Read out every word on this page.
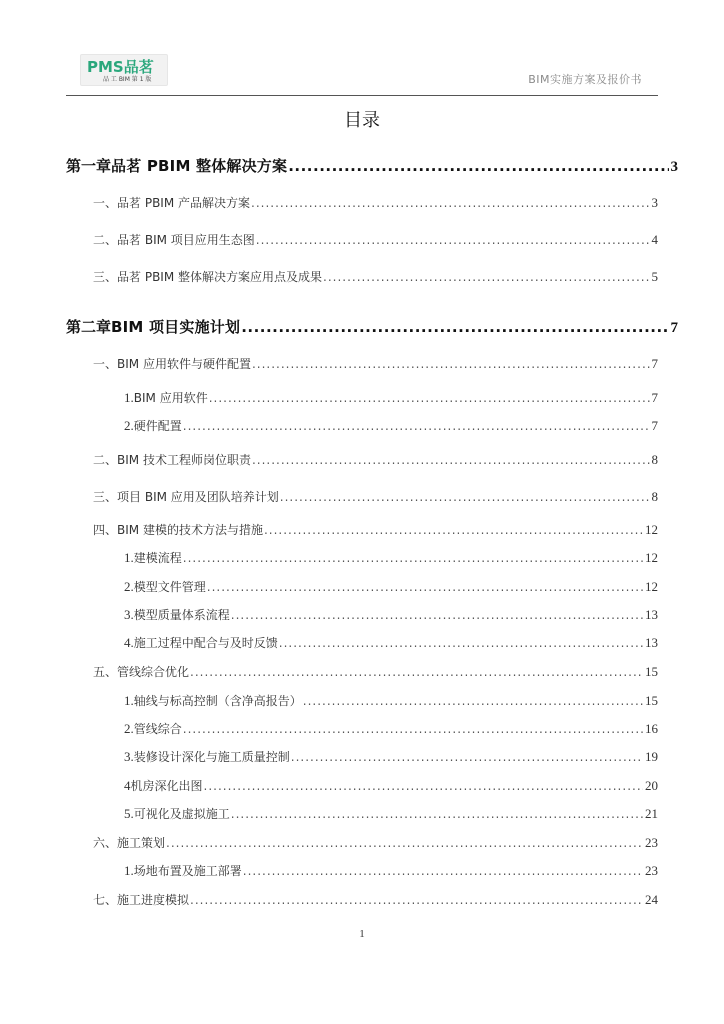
PMS品茗
品 工 BIM 第 1 版	BIM实施方案及报价书
目录
第一章 品茗 PBIM 整体解决方案 .....	3
一、 品茗 PBIM 产品解决方案 .....	3
二、 品茗 BIM 项目应用生态图 .....	4
三、 品茗 PBIM 整体解决方案应用点及成果 .....	5
第二章 BIM 项目实施计划 .....	7
一、 BIM 应用软件与硬件配置 .....	7
1. BIM 应用软件 .....	7
2. 硬件配置 .....	7
二、 BIM 技术工程师岗位职责 .....	8
三、 项目 BIM 应用及团队培养计划 .....	8
四、 BIM 建模的技术方法与措施 .....	12
1. 建模流程 .....	12
2. 模型文件管理 .....	12
3. 模型质量体系流程 .....	13
4. 施工过程中配合与及时反馈 .....	13
五、 管线综合优化 .....	15
1. 轴线与标高控制（含净高报告） .....	15
2. 管线综合 .....	16
3. 装修设计深化与施工质量控制 .....	19
4 机房深化出图 .....	20
5. 可视化及虚拟施工 .....	21
六、 施工策划 .....	23
1. 场地布置及施工部署 .....	23
七、 施工进度模拟 .....	24
1
